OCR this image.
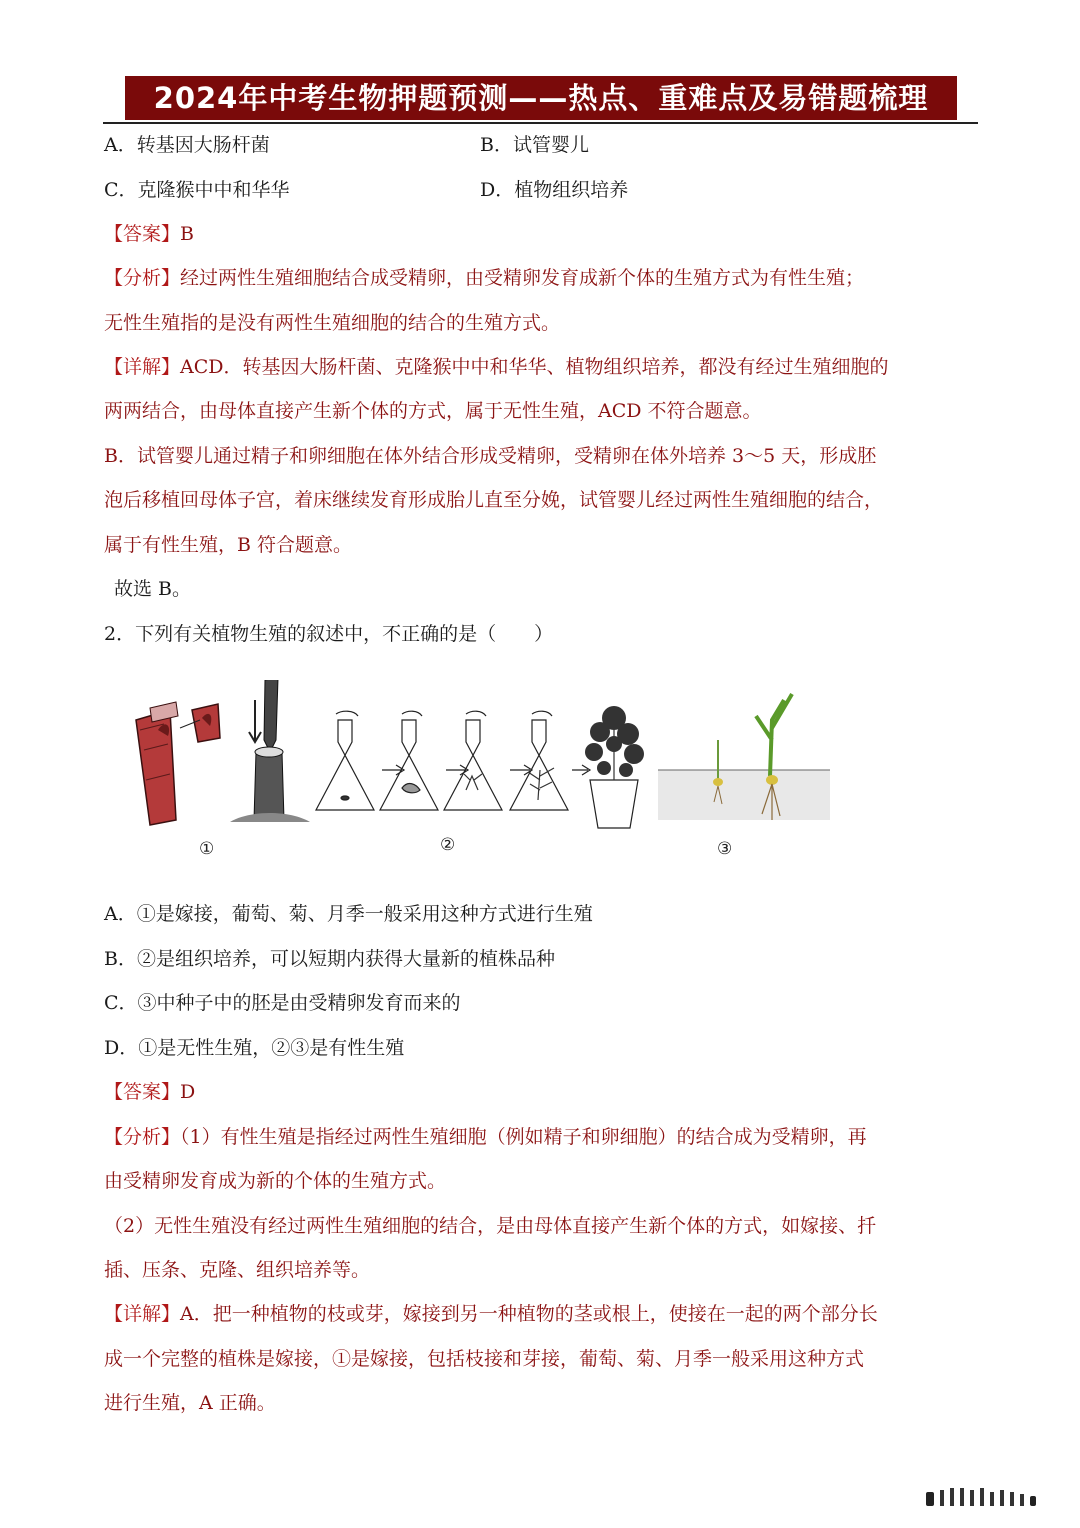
2024年中考生物押题预测——热点、重难点及易错题梳理
A．转基因大肠杆菌	B．试管婴儿
C．克隆猴中中和华华	D．植物组织培养
【答案】B
【分析】经过两性生殖细胞结合成受精卵，由受精卵发育成新个体的生殖方式为有性生殖；
无性生殖指的是没有两性生殖细胞的结合的生殖方式。
【详解】ACD．转基因大肠杆菌、克隆猴中中和华华、植物组织培养，都没有经过生殖细胞的
两两结合，由母体直接产生新个体的方式，属于无性生殖，ACD 不符合题意。
B．试管婴儿通过精子和卵细胞在体外结合形成受精卵，受精卵在体外培养 3～5 天，形成胚
泡后移植回母体子宫，着床继续发育形成胎儿直至分娩，试管婴儿经过两性生殖细胞的结合，
属于有性生殖，B 符合题意。
故选 B。
2．下列有关植物生殖的叙述中，不正确的是（　　）
①	②	③
A．①是嫁接，葡萄、菊、月季一般采用这种方式进行生殖
B．②是组织培养，可以短期内获得大量新的植株品种
C．③中种子中的胚是由受精卵发育而来的
D．①是无性生殖，②③是有性生殖
【答案】D
【分析】（1）有性生殖是指经过两性生殖细胞（例如精子和卵细胞）的结合成为受精卵，再
由受精卵发育成为新的个体的生殖方式。
（2）无性生殖没有经过两性生殖细胞的结合，是由母体直接产生新个体的方式，如嫁接、扦
插、压条、克隆、组织培养等。
【详解】A．把一种植物的枝或芽，嫁接到另一种植物的茎或根上，使接在一起的两个部分长
成一个完整的植株是嫁接，①是嫁接，包括枝接和芽接，葡萄、菊、月季一般采用这种方式
进行生殖，A 正确。
